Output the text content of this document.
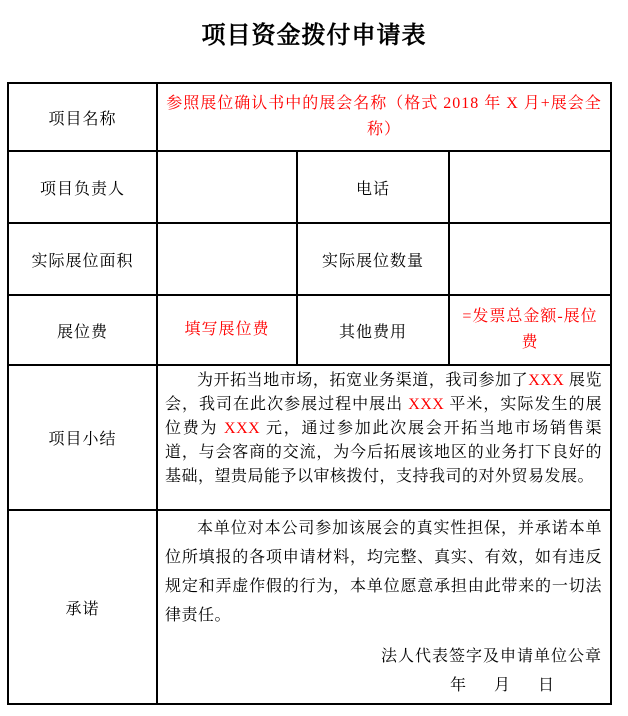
项目资金拨付申请表
项目名称	参照展位确认书中的展会名称（格式 2018 年 X 月+展会全称）		
项目负责人		电话	
实际展位面积		实际展位数量	
展位费	填写展位费	其他费用	=发票总金额-展位费
项目小结	为开拓当地市场，拓宽业务渠道，我司参加了XXX 展览会，我司在此次参展过程中展出 XXX 平米，实际发生的展位费为 XXX 元，通过参加此次展会开拓当地市场销售渠道，与会客商的交流，为今后拓展该地区的业务打下良好的基础，望贵局能予以审核拨付，支持我司的对外贸易发展。		

承诺	本单位对本公司参加该展会的真实性担保，并承诺本单位所填报的各项申请材料，均完整、真实、有效，如有违反规定和弄虚作假的行为，本单位愿意承担由此带来的一切法律责任。

法人代表签字及申请单位公章
年　月　日		
